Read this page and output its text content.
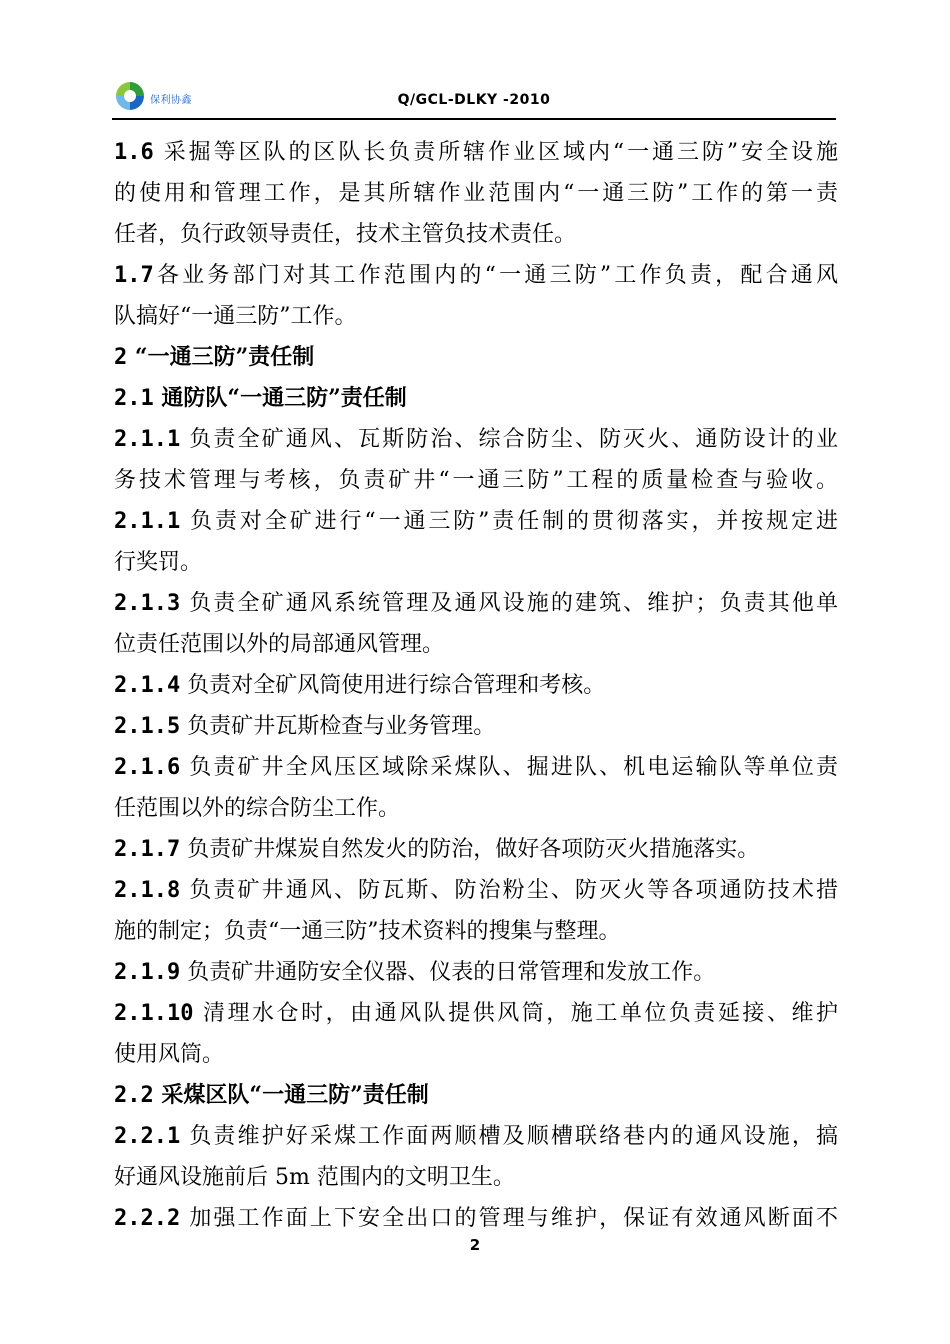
保利协鑫	Q/GCL-DLKY -2010
1.6 采掘等区队的区队长负责所辖作业区域内“一通三防”安全设施
的使用和管理工作，是其所辖作业范围内“一通三防”工作的第一责
任者，负行政领导责任，技术主管负技术责任。
1.7各业务部门对其工作范围内的“一通三防”工作负责，配合通风
队搞好“一通三防”工作。
2 “一通三防”责任制
2.1 通防队“一通三防”责任制
2.1.1 负责全矿通风、瓦斯防治、综合防尘、防灭火、通防设计的业
务技术管理与考核，负责矿井“一通三防”工程的质量检查与验收。
2.1.1 负责对全矿进行“一通三防”责任制的贯彻落实，并按规定进
行奖罚。
2.1.3 负责全矿通风系统管理及通风设施的建筑、维护；负责其他单
位责任范围以外的局部通风管理。
2.1.4 负责对全矿风筒使用进行综合管理和考核。
2.1.5 负责矿井瓦斯检查与业务管理。
2.1.6 负责矿井全风压区域除采煤队、掘进队、机电运输队等单位责
任范围以外的综合防尘工作。
2.1.7 负责矿井煤炭自然发火的防治，做好各项防灭火措施落实。
2.1.8 负责矿井通风、防瓦斯、防治粉尘、防灭火等各项通防技术措
施的制定；负责“一通三防”技术资料的搜集与整理。
2.1.9 负责矿井通防安全仪器、仪表的日常管理和发放工作。
2.1.10 清理水仓时，由通风队提供风筒，施工单位负责延接、维护
使用风筒。
2.2 采煤区队“一通三防”责任制
2.2.1 负责维护好采煤工作面两顺槽及顺槽联络巷内的通风设施，搞
好通风设施前后 5m 范围内的文明卫生。
2.2.2 加强工作面上下安全出口的管理与维护，保证有效通风断面不
2
